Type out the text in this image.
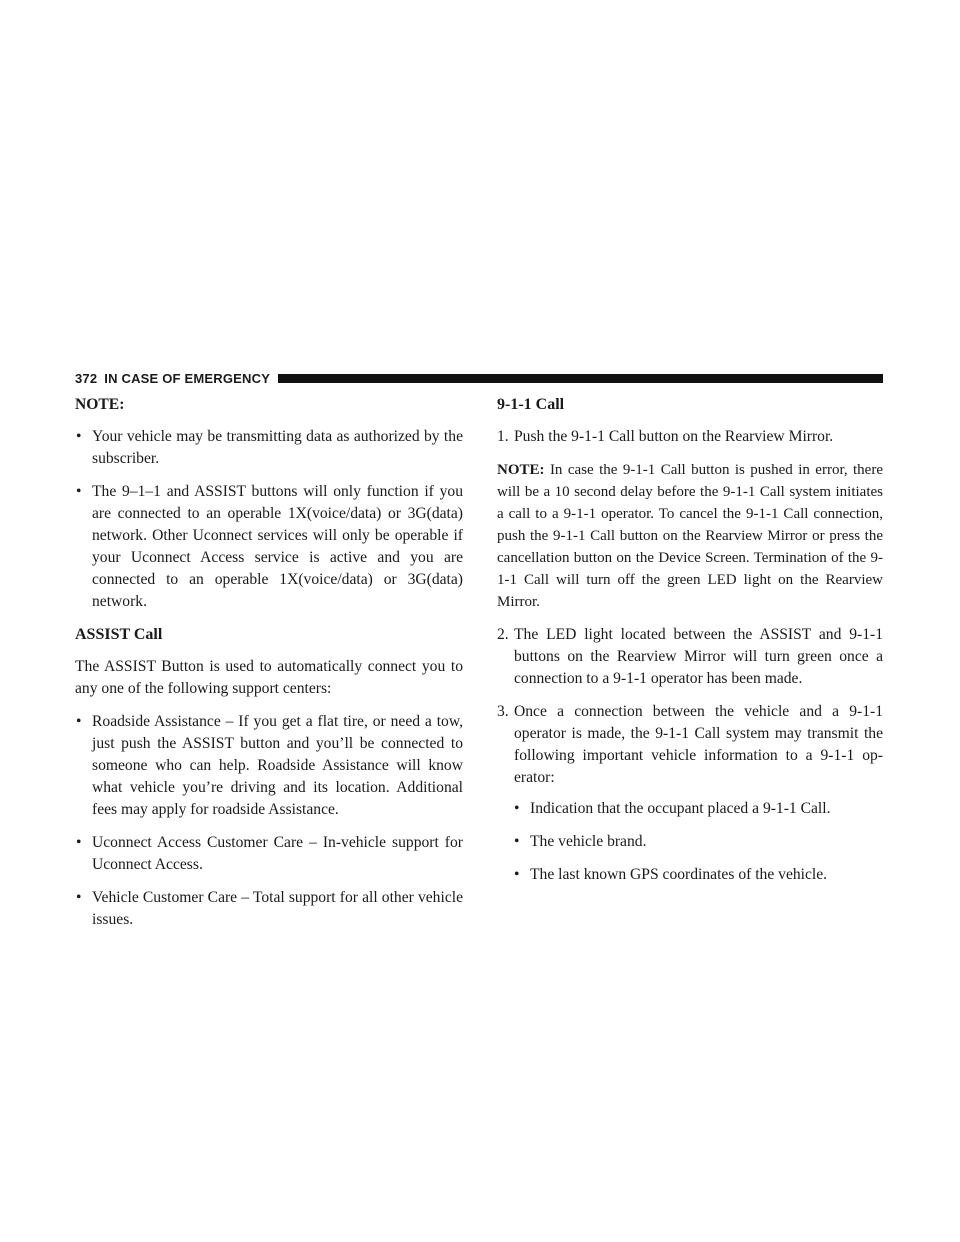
372 IN CASE OF EMERGENCY
NOTE:
• Your vehicle may be transmitting data as authorized by the subscriber.
• The 9–1–1 and ASSIST buttons will only function if you are connected to an operable 1X(voice/data) or 3G(data) network. Other Uconnect services will only be operable if your Uconnect Access service is active and you are connected to an operable 1X(voice/data) or 3G(data) network.
ASSIST Call

The ASSIST Button is used to automatically connect you to any one of the following support centers:

• Roadside Assistance – If you get a flat tire, or need a tow, just push the ASSIST button and you’ll be connected to someone who can help. Roadside Assistance will know what vehicle you’re driving and its location. Additional fees may apply for roadside Assistance.
• Uconnect Access Customer Care – In-vehicle support for Uconnect Access.
• Vehicle Customer Care – Total support for all other vehicle issues.
9-1-1 Call
1. Push the 9-1-1 Call button on the Rearview Mirror.

NOTE: In case the 9-1-1 Call button is pushed in error, there will be a 10 second delay before the 9-1-1 Call system initiates a call to a 9-1-1 operator. To cancel the 9-1-1 Call connection, push the 9-1-1 Call button on the Rearview Mirror or press the cancellation button on the Device Screen. Termination of the 9-1-1 Call will turn off the green LED light on the Rearview Mirror.

2. The LED light located between the ASSIST and 9-1-1 buttons on the Rearview Mirror will turn green once a connection to a 9-1-1 operator has been made.
3. Once a connection between the vehicle and a 9-1-1 operator is made, the 9-1-1 Call system may transmit the following important vehicle information to a 9-1-1 op-erator:
• Indication that the occupant placed a 9-1-1 Call.
• The vehicle brand.
• The last known GPS coordinates of the vehicle.
